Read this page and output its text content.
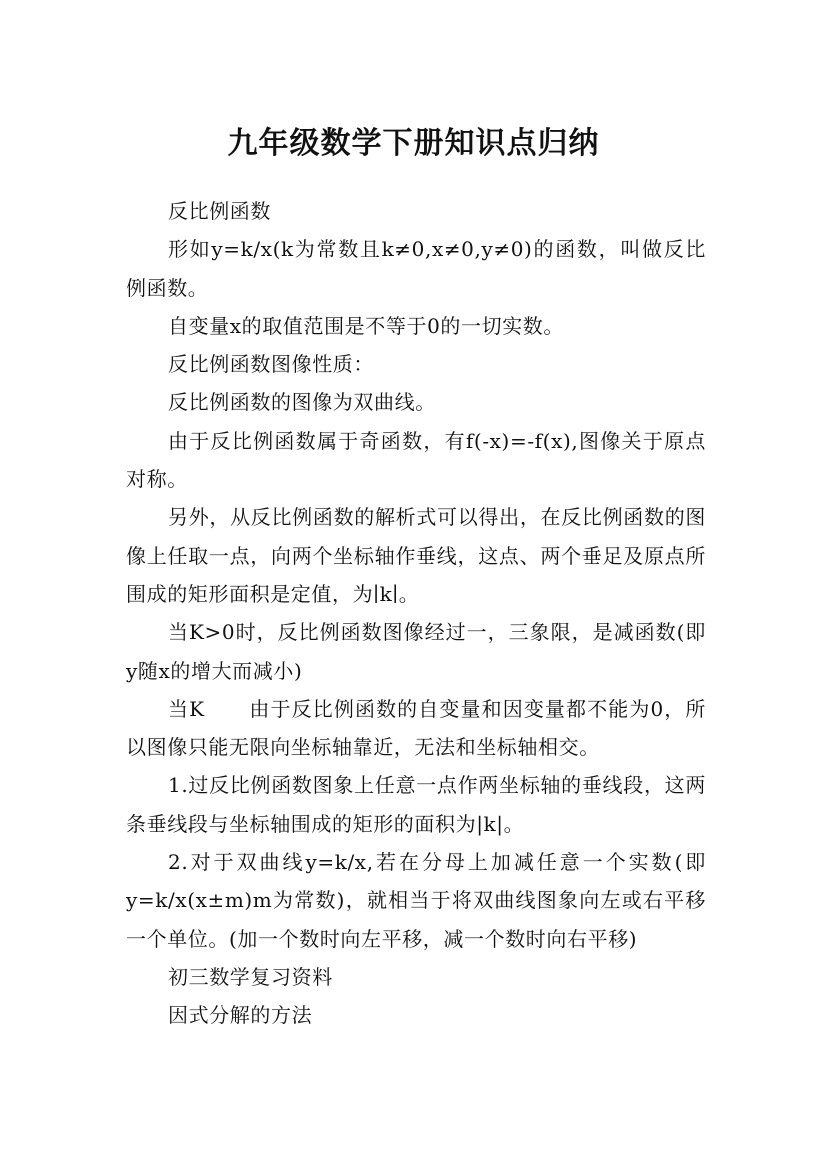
九年级数学下册知识点归纳

反比例函数

形如y=k/x(k为常数且k≠0,x≠0,y≠0)的函数，叫做反比例函数。

自变量x的取值范围是不等于0的一切实数。

反比例函数图像性质：

反比例函数的图像为双曲线。

由于反比例函数属于奇函数，有f(-x)=-f(x),图像关于原点对称。

另外，从反比例函数的解析式可以得出，在反比例函数的图像上任取一点，向两个坐标轴作垂线，这点、两个垂足及原点所围成的矩形面积是定值，为∣k∣。

当K>0时，反比例函数图像经过一，三象限，是减函数(即y随x的增大而减小)

当K      由于反比例函数的自变量和因变量都不能为0，所以图像只能无限向坐标轴靠近，无法和坐标轴相交。

1.过反比例函数图象上任意一点作两坐标轴的垂线段，这两条垂线段与坐标轴围成的矩形的面积为|k|。

2.对于双曲线y=k/x,若在分母上加减任意一个实数(即y=k/x(x±m)m为常数)，就相当于将双曲线图象向左或右平移一个单位。(加一个数时向左平移，减一个数时向右平移)

初三数学复习资料

因式分解的方法
